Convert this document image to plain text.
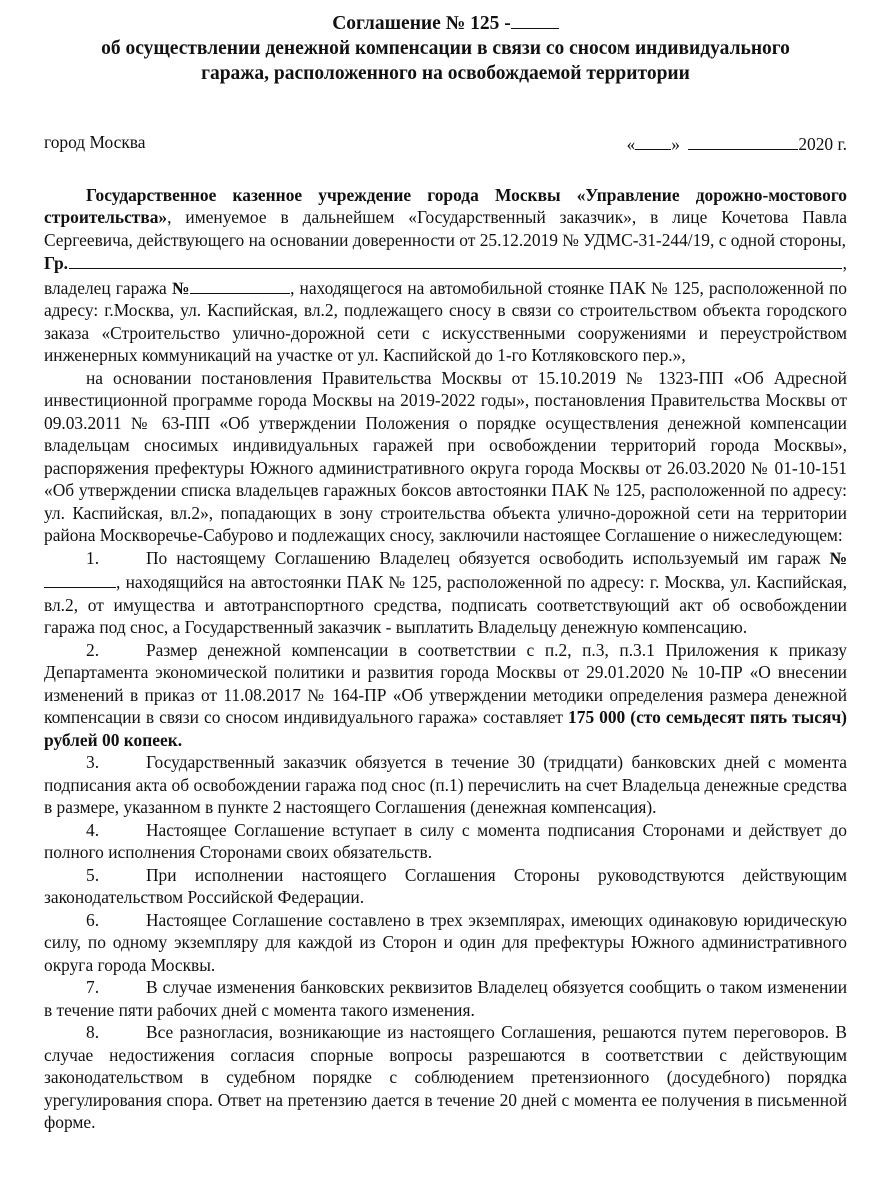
Соглашение № 125 -
об осуществлении денежной компенсации в связи со сносом индивидуального
гаража, расположенного на освобождаемой территории
город Москва	« »	2020 г.

Государственное казенное учреждение города Москвы «Управление дорожно-мостового строительства», именуемое в дальнейшем «Государственный заказчик», в лице Кочетова Павла Сергеевича, действующего на основании доверенности от 25.12.2019 № УДМС-31-244/19, с одной стороны,

Гр.	,

владелец гаража №	, находящегося на автомобильной стоянке ПАК № 125, расположенной по адресу: г.Москва, ул. Каспийская, вл.2, подлежащего сносу в связи со строительством объекта городского заказа «Строительство улично-дорожной сети с искусственными сооружениями и переустройством инженерных коммуникаций на участке от ул. Каспийской до 1-го Котляковского пер.»,

на основании постановления Правительства Москвы от 15.10.2019 № 1323-ПП «Об Адресной инвестиционной программе города Москвы на 2019-2022 годы», постановления Правительства Москвы от 09.03.2011 № 63-ПП «Об утверждении Положения о порядке осуществления денежной компенсации владельцам сносимых индивидуальных гаражей при освобождении территорий города Москвы», распоряжения префектуры Южного административного округа города Москвы от 26.03.2020 № 01-10-151 «Об утверждении списка владельцев гаражных боксов автостоянки ПАК № 125, расположенной по адресу: ул. Каспийская, вл.2», попадающих в зону строительства объекта улично-дорожной сети на территории района Москворечье-Сабурово и подлежащих сносу, заключили настоящее Соглашение о нижеследующем:

1.	По настоящему Соглашению Владелец обязуется освободить используемый им гараж №, находящийся на автостоянки ПАК № 125, расположенной по адресу: г. Москва, ул. Каспийская, вл.2, от имущества и автотранспортного средства, подписать соответствующий акт об освобождении гаража под снос, а Государственный заказчик - выплатить Владельцу денежную компенсацию.

2.	Размер денежной компенсации в соответствии с п.2, п.3, п.3.1 Приложения к приказу Департамента экономической политики и развития города Москвы от 29.01.2020 № 10-ПР «О внесении изменений в приказ от 11.08.2017 № 164-ПР «Об утверждении методики определения размера денежной компенсации в связи со сносом индивидуального гаража» составляет 175 000 (сто семьдесят пять тысяч) рублей 00 копеек.

3.	Государственный заказчик обязуется в течение 30 (тридцати) банковских дней с момента подписания акта об освобождении гаража под снос (п.1) перечислить на счет Владельца денежные средства в размере, указанном в пункте 2 настоящего Соглашения (денежная компенсация).

4.	Настоящее Соглашение вступает в силу с момента подписания Сторонами и действует до полного исполнения Сторонами своих обязательств.

5.	При исполнении настоящего Соглашения Стороны руководствуются действующим законодательством Российской Федерации.

6.	Настоящее Соглашение составлено в трех экземплярах, имеющих одинаковую юридическую силу, по одному экземпляру для каждой из Сторон и один для префектуры Южного административного округа города Москвы.

7.	В случае изменения банковских реквизитов Владелец обязуется сообщить о таком изменении в течение пяти рабочих дней с момента такого изменения.

8.	Все разногласия, возникающие из настоящего Соглашения, решаются путем переговоров. В случае недостижения согласия спорные вопросы разрешаются в соответствии с действующим законодательством в судебном порядке с соблюдением претензионного (досудебного) порядка урегулирования спора. Ответ на претензию дается в течение 20 дней с момента ее получения в письменной форме.
